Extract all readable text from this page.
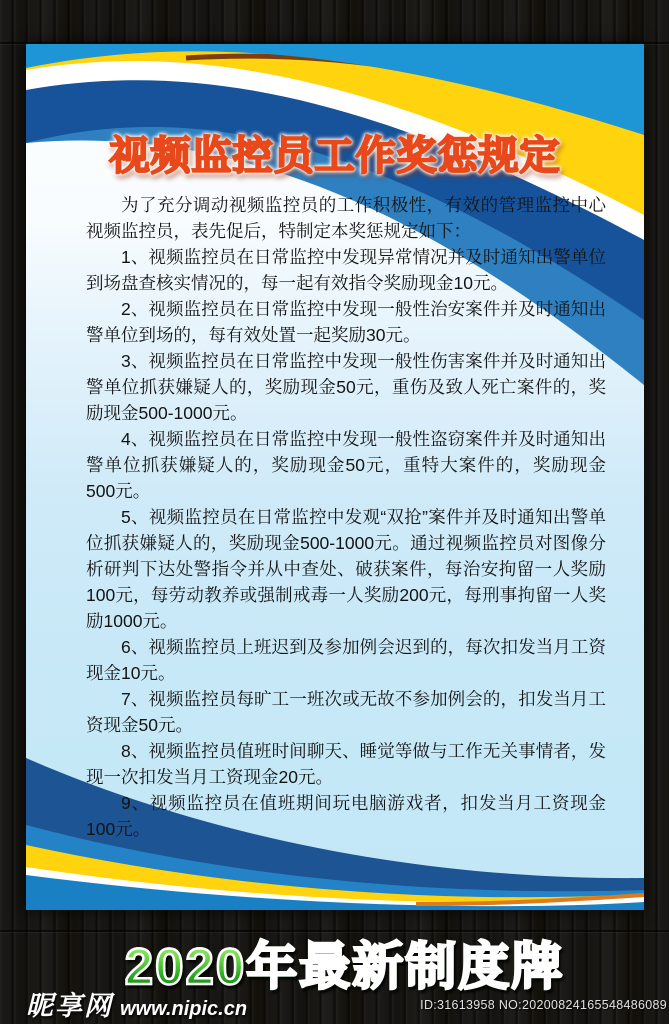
视频监控员工作奖惩规定

为了充分调动视频监控员的工作积极性，有效的管理监控中心视频监控员，表先促后，特制定本奖惩规定如下：

1、视频监控员在日常监控中发现异常情况并及时通知出警单位到场盘查核实情况的，每一起有效指令奖励现金10元。

2、视频监控员在日常监控中发现一般性治安案件并及时通知出警单位到场的，每有效处置一起奖励30元。

3、视频监控员在日常监控中发现一般性伤害案件并及时通知出警单位抓获嫌疑人的，奖励现金50元，重伤及致人死亡案件的，奖励现金500-1000元。

4、视频监控员在日常监控中发现一般性盗窃案件并及时通知出警单位抓获嫌疑人的，奖励现金50元，重特大案件的，奖励现金500元。

5、视频监控员在日常监控中发观“双抢”案件并及时通知出警单位抓获嫌疑人的，奖励现金500-1000元。通过视频监控员对图像分析研判下达处警指令并从中查处、破获案件，每治安拘留一人奖励100元，每劳动教养或强制戒毒一人奖励200元，每刑事拘留一人奖励1000元。

6、视频监控员上班迟到及参加例会迟到的，每次扣发当月工资现金10元。

7、视频监控员每旷工一班次或无故不参加例会的，扣发当月工资现金50元。

8、视频监控员值班时间聊天、睡觉等做与工作无关事情者，发现一次扣发当月工资现金20元。

9、视频监控员在值班期间玩电脑游戏者，扣发当月工资现金100元。

2020年最新制度牌
昵享网 www.nipic.cn	ID:31613958 NO:20200824165548486089
